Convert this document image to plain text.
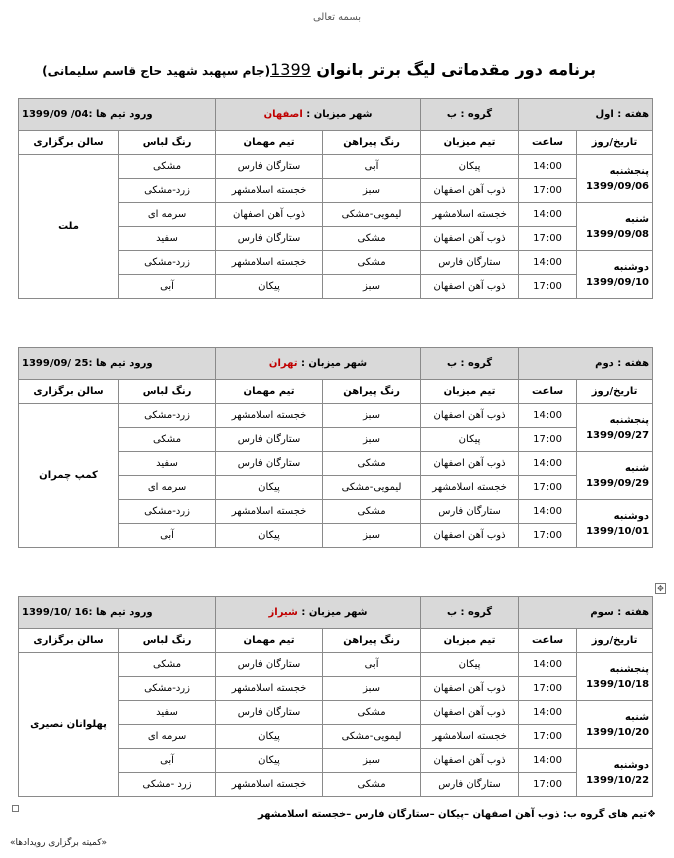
بسمه تعالی
برنامه دور مقدماتی لیگ برتر بانوان 1399(جام سپهبد شهید حاج قاسم سلیمانی)
هفته : اول		گروه : ب	شهر میزبان : اصفهان		ورود تیم ها :04/ 1399/09	
تاریخ/روز	ساعت	تیم میزبان	رنگ پیراهن	تیم مهمان	رنگ لباس	سالن برگزاری

پنجشنبه
1399/09/06	14:00	پیکان	آبی	ستارگان فارس	مشکی	ملت
	17:00	ذوب آهن اصفهان	سبز	خجسته اسلامشهر	زرد-مشکی	

شنبه
1399/09/08	14:00	خجسته اسلامشهر	لیمویی-مشکی	ذوب آهن اصفهان	سرمه ای	
	17:00	ذوب آهن اصفهان	مشکی	ستارگان فارس	سفید	

دوشنبه
1399/09/10	14:00	ستارگان فارس	مشکی	خجسته اسلامشهر	زرد-مشکی	
	17:00	ذوب آهن اصفهان	سبز	پیکان	آبی	
هفته : دوم		گروه : ب	شهر میزبان : تهران		ورود تیم ها :25 /1399/09	
تاریخ/روز	ساعت	تیم میزبان	رنگ پیراهن	تیم مهمان	رنگ لباس	سالن برگزاری

پنجشنبه
1399/09/27	14:00	ذوب آهن اصفهان	سبز	خجسته اسلامشهر	زرد-مشکی	کمپ چمران
	17:00	پیکان	سبز	ستارگان فارس	مشکی	

شنبه
1399/09/29	14:00	ذوب آهن اصفهان	مشکی	ستارگان فارس	سفید	
	17:00	خجسته اسلامشهر	لیمویی-مشکی	پیکان	سرمه ای	

دوشنبه
1399/10/01	14:00	ستارگان فارس	مشکی	خجسته اسلامشهر	زرد-مشکی	
	17:00	ذوب آهن اصفهان	سبز	پیکان	آبی	
هفته : سوم		گروه : ب	شهر میزبان : شیراز		ورود تیم ها :16 /1399/10	
تاریخ/روز	ساعت	تیم میزبان	رنگ پیراهن	تیم مهمان	رنگ لباس	سالن برگزاری

پنجشنبه
1399/10/18	14:00	پیکان	آبی	ستارگان فارس	مشکی	پهلوانان نصیری
	17:00	ذوب آهن اصفهان	سبز	خجسته اسلامشهر	زرد-مشکی	

شنبه
1399/10/20	14:00	ذوب آهن اصفهان	مشکی	ستارگان فارس	سفید	
	17:00	خجسته اسلامشهر	لیمویی-مشکی	پیکان	سرمه ای	

دوشنبه
1399/10/22	14:00	ذوب آهن اصفهان	سبز	پیکان	آبی	
	17:00	ستارگان فارس	مشکی	خجسته اسلامشهر	زرد -مشکی	
✥
❖تیم های گروه ب: ذوب آهن اصفهان –پیکان –ستارگان فارس –خجسته اسلامشهر
«کمیته برگزاری رویدادها»
